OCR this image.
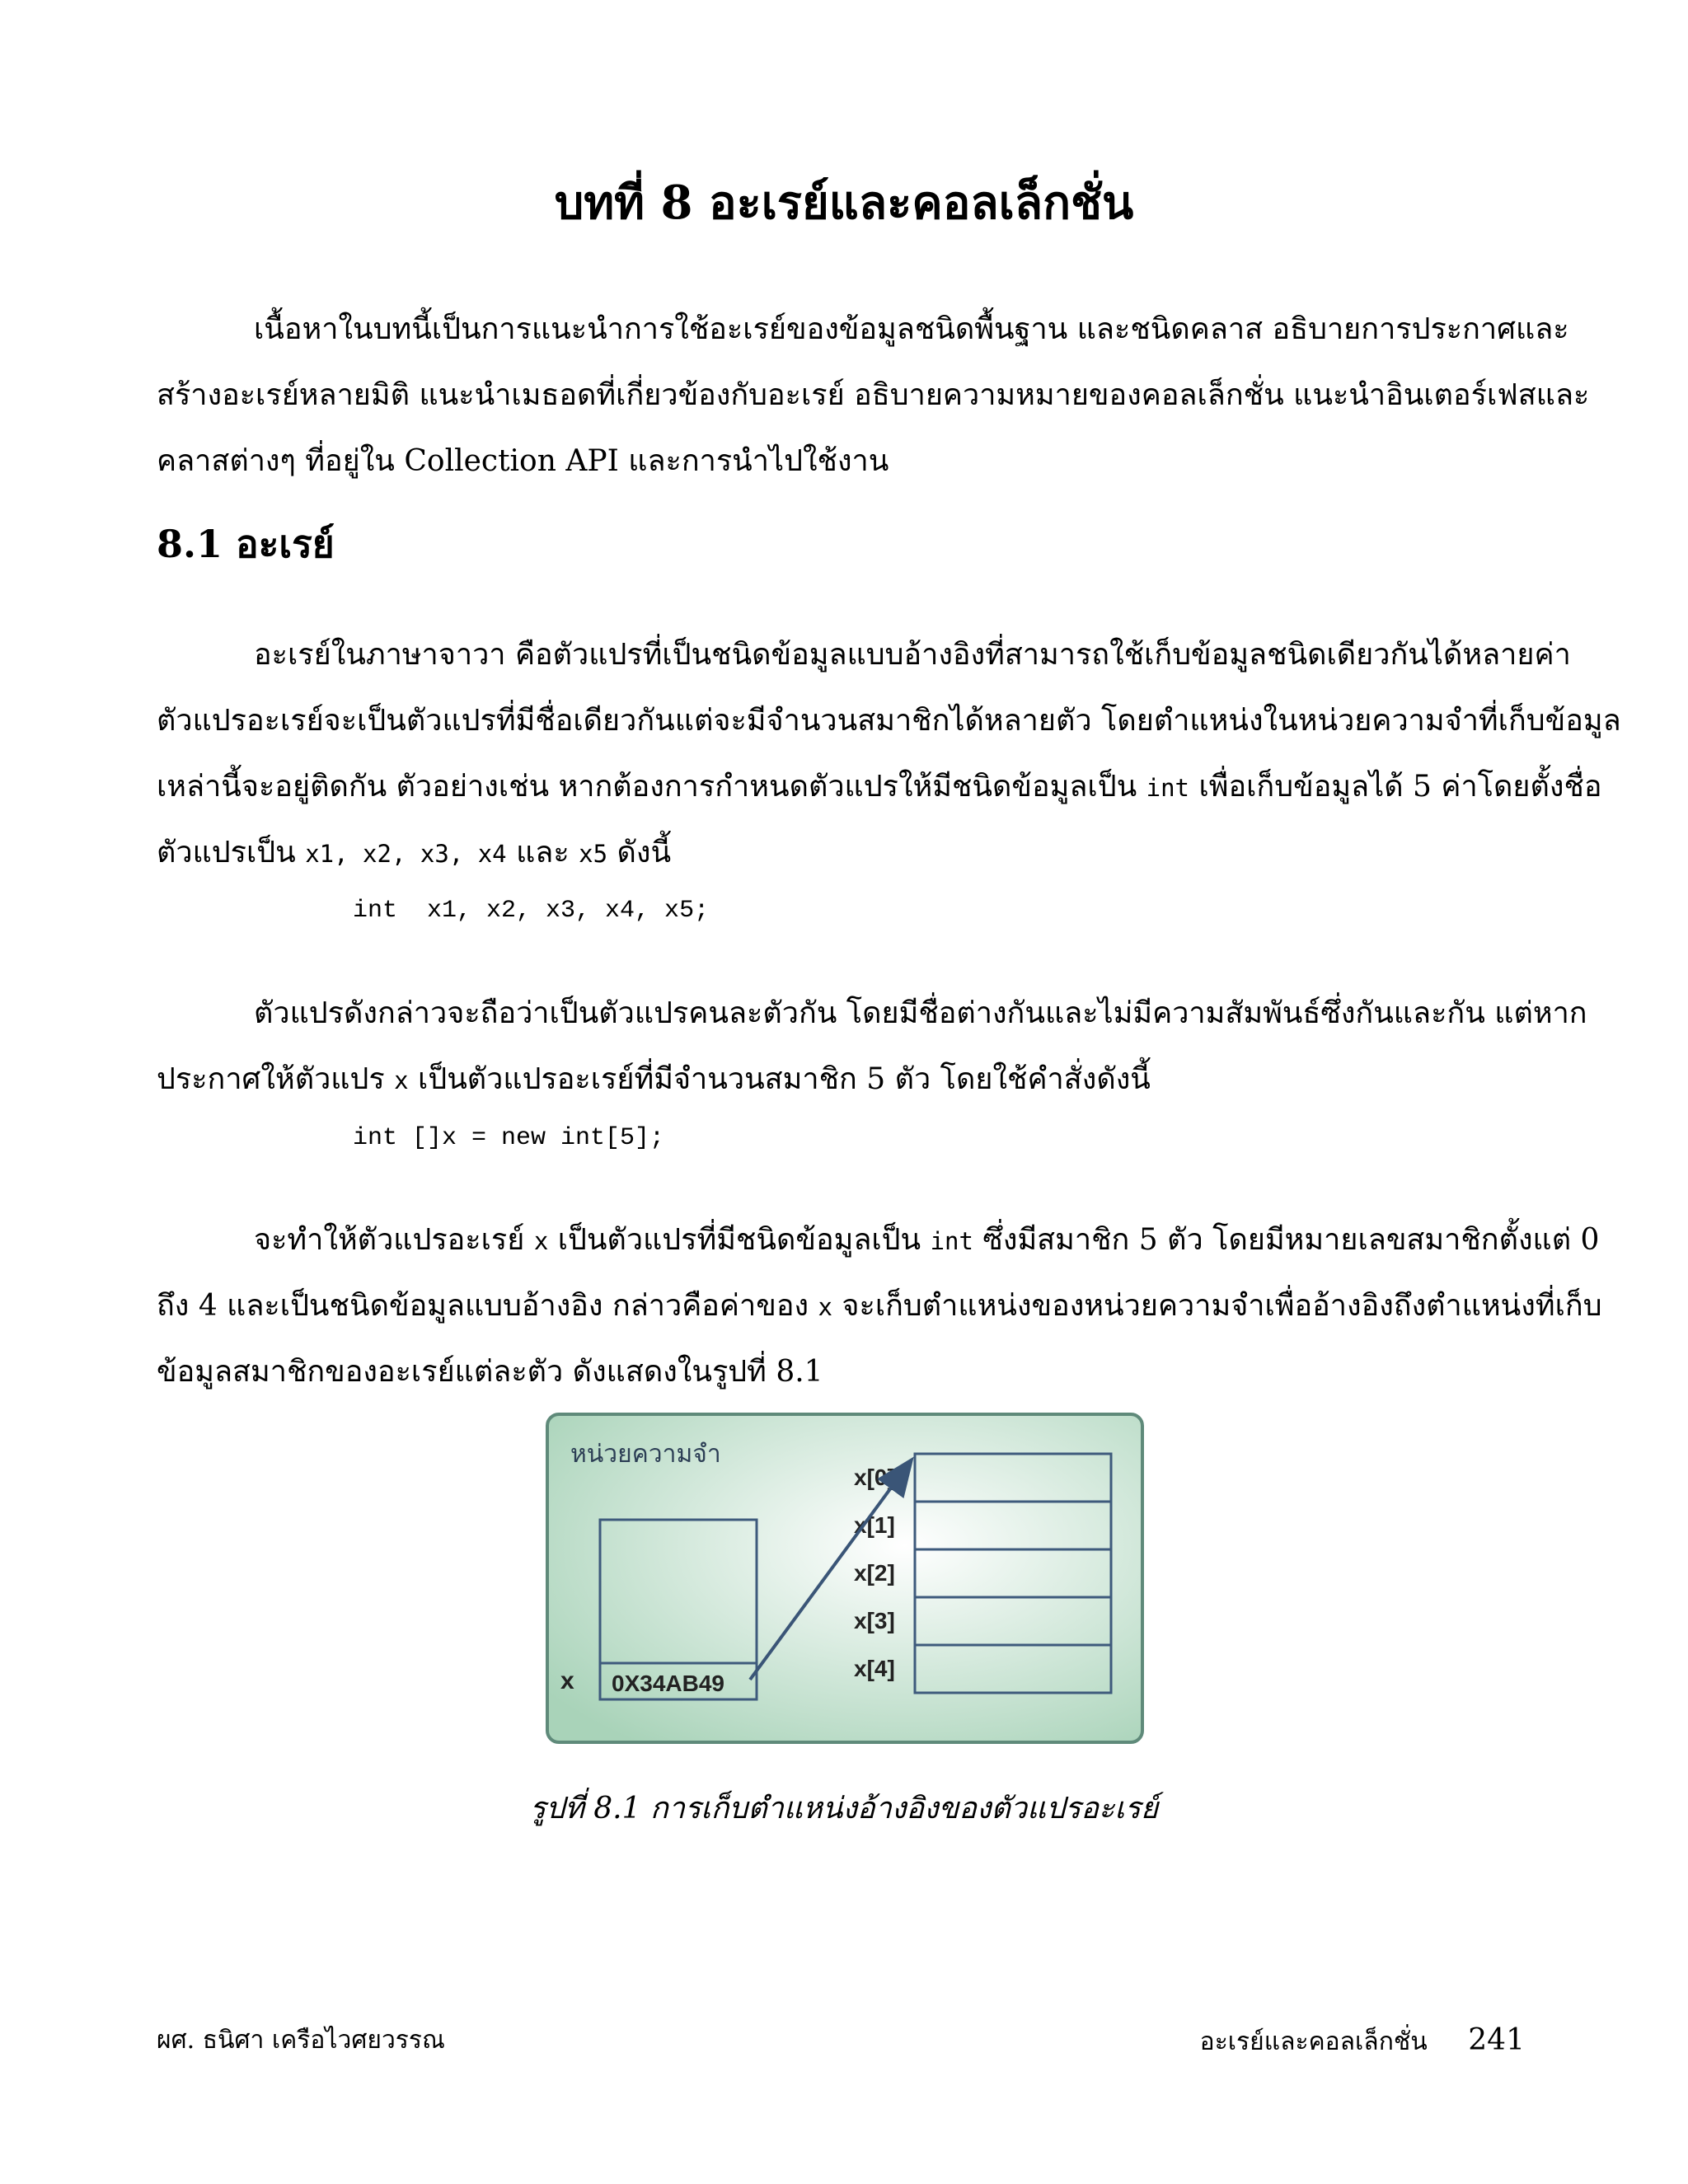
บทที่ 8 อะเรย์และคอลเล็กชั่น
เนื้อหาในบทนี้เป็นการแนะนำการใช้อะเรย์ของข้อมูลชนิดพื้นฐาน และชนิดคลาส อธิบายการประกาศและ
สร้างอะเรย์หลายมิติ แนะนำเมธอดที่เกี่ยวข้องกับอะเรย์ อธิบายความหมายของคอลเล็กชั่น แนะนำอินเตอร์เฟสและ
คลาสต่างๆ ที่อยู่ใน Collection API และการนำไปใช้งาน
8.1 อะเรย์
อะเรย์ในภาษาจาวา คือตัวแปรที่เป็นชนิดข้อมูลแบบอ้างอิงที่สามารถใช้เก็บข้อมูลชนิดเดียวกันได้หลายค่า
ตัวแปรอะเรย์จะเป็นตัวแปรที่มีชื่อเดียวกันแต่จะมีจำนวนสมาชิกได้หลายตัว โดยตำแหน่งในหน่วยความจำที่เก็บข้อมูล
เหล่านี้จะอยู่ติดกัน ตัวอย่างเช่น หากต้องการกำหนดตัวแปรให้มีชนิดข้อมูลเป็น int เพื่อเก็บข้อมูลได้ 5 ค่าโดยตั้งชื่อ
ตัวแปรเป็น x1, x2, x3, x4 และ x5 ดังนี้
int  x1, x2, x3, x4, x5;
ตัวแปรดังกล่าวจะถือว่าเป็นตัวแปรคนละตัวกัน โดยมีชื่อต่างกันและไม่มีความสัมพันธ์ซึ่งกันและกัน แต่หาก
ประกาศให้ตัวแปร x เป็นตัวแปรอะเรย์ที่มีจำนวนสมาชิก 5 ตัว โดยใช้คำสั่งดังนี้
int []x = new int[5];
จะทำให้ตัวแปรอะเรย์ x เป็นตัวแปรที่มีชนิดข้อมูลเป็น int ซึ่งมีสมาชิก 5 ตัว โดยมีหมายเลขสมาชิกตั้งแต่ 0
ถึง 4 และเป็นชนิดข้อมูลแบบอ้างอิง กล่าวคือค่าของ x จะเก็บตำแหน่งของหน่วยความจำเพื่ออ้างอิงถึงตำแหน่งที่เก็บ
ข้อมูลสมาชิกของอะเรย์แต่ละตัว ดังแสดงในรูปที่ 8.1
หน่วยความจำ
0X34AB49
x
x[0]
x[1]
x[2]
x[3]
x[4]
รูปที่ 8.1 การเก็บตำแหน่งอ้างอิงของตัวแปรอะเรย์
ผศ. ธนิศา เครือไวศยวรรณ	อะเรย์และคอลเล็กชั่น 241
